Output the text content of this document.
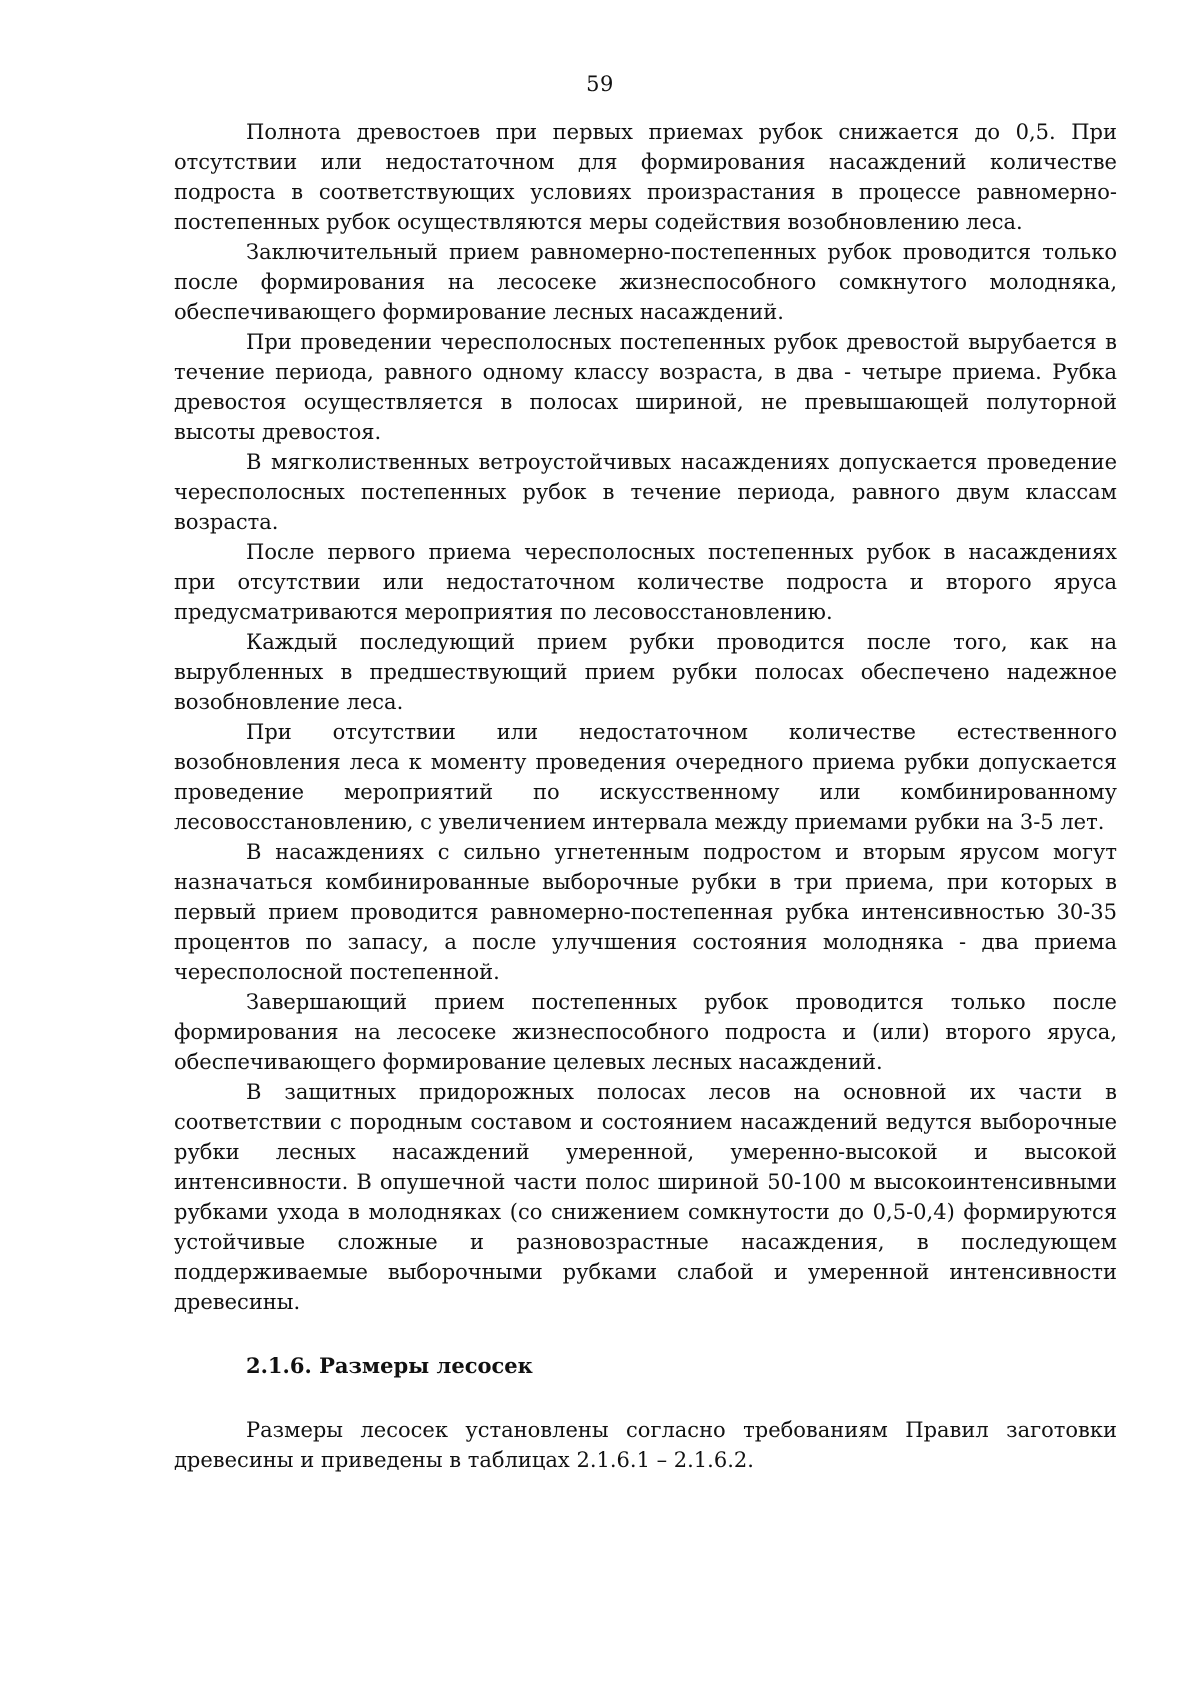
59

Полнота древостоев при первых приемах рубок снижается до 0,5. При отсутствии или недостаточном для формирования насаждений количестве подроста в соответствующих условиях произрастания в процессе равномерно-постепенных рубок осуществляются меры содействия возобновлению леса.

Заключительный прием равномерно-постепенных рубок проводится только после формирования на лесосеке жизнеспособного сомкнутого молодняка, обеспечивающего формирование лесных насаждений.

При проведении чересполосных постепенных рубок древостой вырубается в течение периода, равного одному классу возраста, в два - четыре приема. Рубка древостоя осуществляется в полосах шириной, не превышающей полуторной высоты древостоя.

В мягколиственных ветроустойчивых насаждениях допускается проведение чересполосных постепенных рубок в течение периода, равного двум классам возраста.

После первого приема чересполосных постепенных рубок в насаждениях при отсутствии или недостаточном количестве подроста и второго яруса предусматриваются мероприятия по лесовосстановлению.

Каждый последующий прием рубки проводится после того, как на вырубленных в предшествующий прием рубки полосах обеспечено надежное возобновление леса.

При отсутствии или недостаточном количестве естественного возобновления леса к моменту проведения очередного приема рубки допускается проведение мероприятий по искусственному или комбинированному лесовосстановлению, с увеличением интервала между приемами рубки на 3-5 лет.

В насаждениях с сильно угнетенным подростом и вторым ярусом могут назначаться комбинированные выборочные рубки в три приема, при которых в первый прием проводится равномерно-постепенная рубка интенсивностью 30-35 процентов по запасу, а после улучшения состояния молодняка - два приема чересполосной постепенной.

Завершающий прием постепенных рубок проводится только после формирования на лесосеке жизнеспособного подроста и (или) второго яруса, обеспечивающего формирование целевых лесных насаждений.

В защитных придорожных полосах лесов на основной их части в соответствии с породным составом и состоянием насаждений ведутся выборочные рубки лесных насаждений умеренной, умеренно-высокой и высокой интенсивности. В опушечной части полос шириной 50-100 м высокоинтенсивными рубками ухода в молодняках (со снижением сомкнутости до 0,5-0,4) формируются устойчивые сложные и разновозрастные насаждения, в последующем поддерживаемые выборочными рубками слабой и умеренной интенсивности древесины.

2.1.6. Размеры лесосек

Размеры лесосек установлены согласно требованиям Правил заготовки древесины и приведены в таблицах 2.1.6.1 – 2.1.6.2.
